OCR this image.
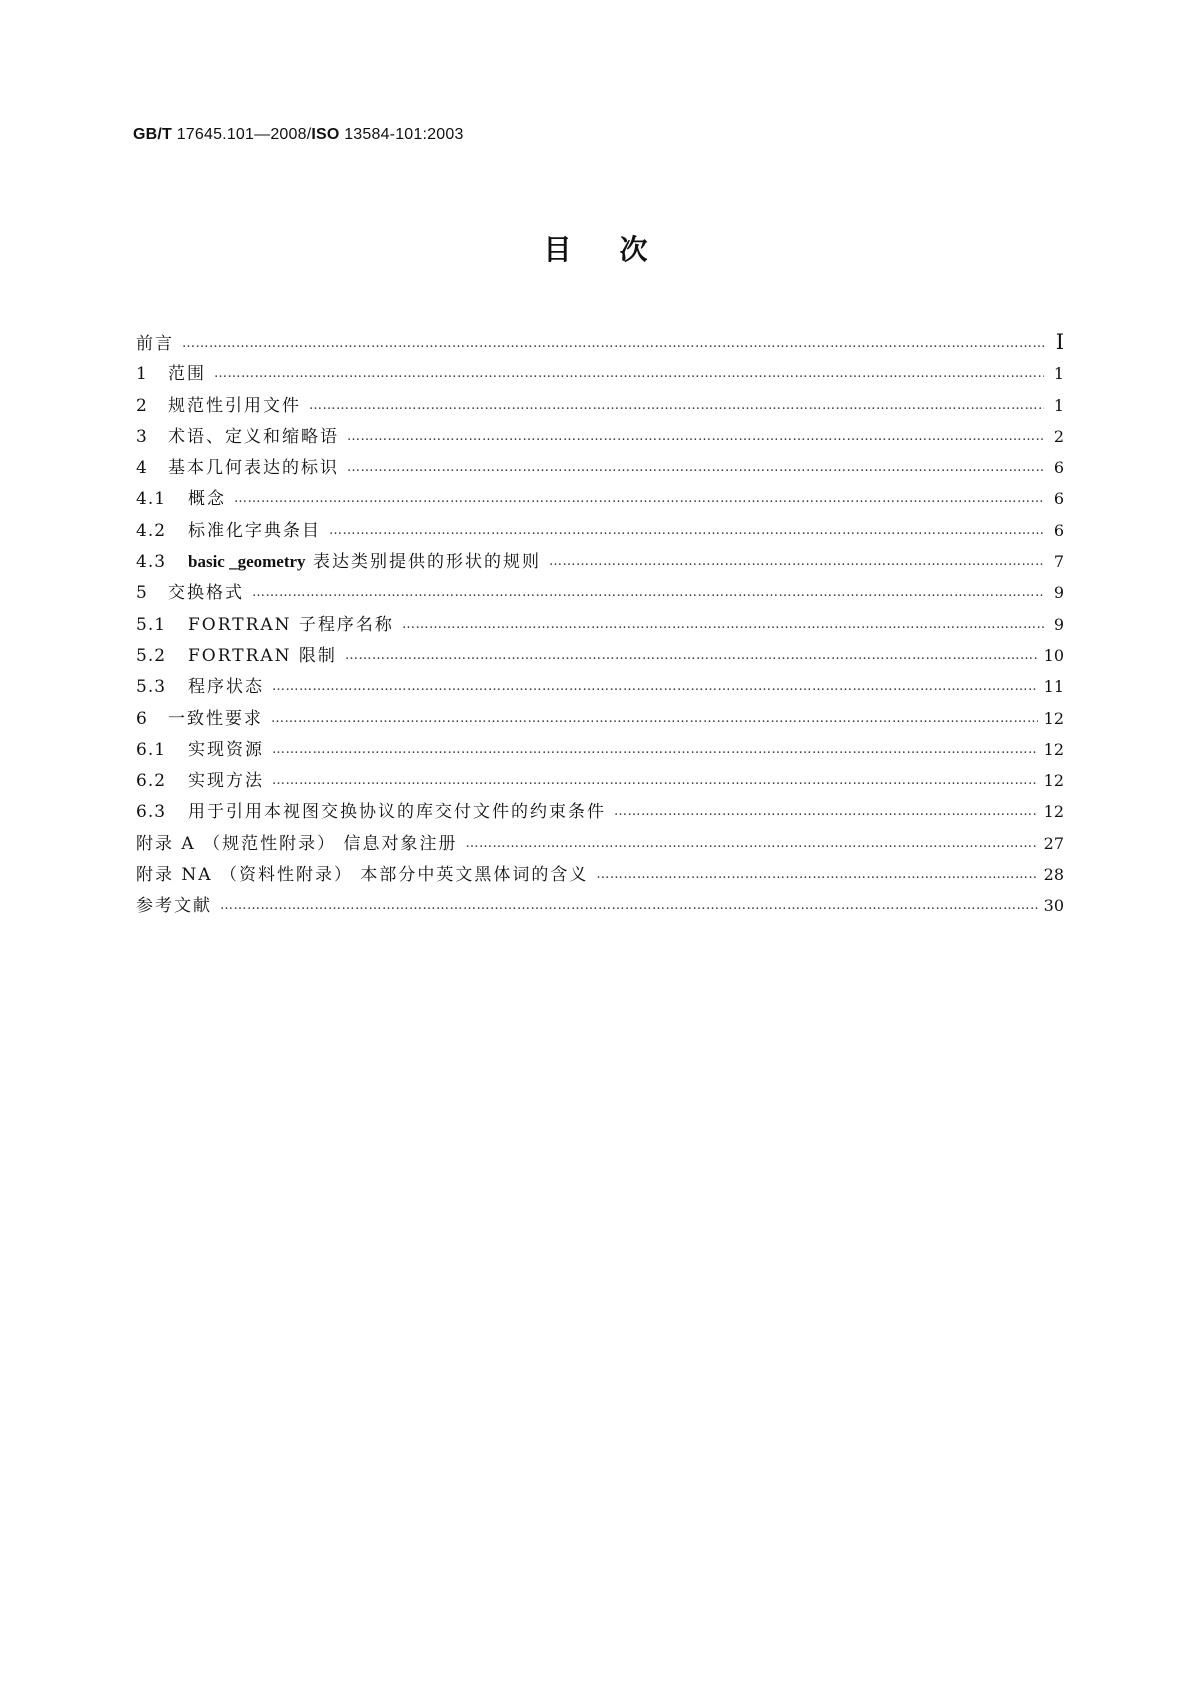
GB/T 17645.101—2008/ISO 13584-101:2003
目次
前言 …………………………………………………………………………………………………………………………………………………………………………………………………………………………	Ⅰ
1	范围 …………………………………………………………………………………………………………………………………………………………………………………………………………………………	1
2	规范性引用文件 …………………………………………………………………………………………………………………………………………………………………………………………………………………………	1
3	术语、定义和缩略语 …………………………………………………………………………………………………………………………………………………………………………………………………………………………	2
4	基本几何表达的标识 …………………………………………………………………………………………………………………………………………………………………………………………………………………………	6
4.1	概念 …………………………………………………………………………………………………………………………………………………………………………………………………………………………	6
4.2	标准化字典条目 …………………………………………………………………………………………………………………………………………………………………………………………………………………………	6
4.3	basic _geometry 表达类别提供的形状的规则 …………………………………………………………………………………………………………………………………………………………………………………………………………………………	7
5	交换格式 …………………………………………………………………………………………………………………………………………………………………………………………………………………………	9
5.1	FORTRAN 子程序名称 …………………………………………………………………………………………………………………………………………………………………………………………………………………………	9
5.2	FORTRAN 限制 …………………………………………………………………………………………………………………………………………………………………………………………………………………………	10
5.3	程序状态 …………………………………………………………………………………………………………………………………………………………………………………………………………………………	11
6	一致性要求 …………………………………………………………………………………………………………………………………………………………………………………………………………………………	12
6.1	实现资源 …………………………………………………………………………………………………………………………………………………………………………………………………………………………	12
6.2	实现方法 …………………………………………………………………………………………………………………………………………………………………………………………………………………………	12
6.3	用于引用本视图交换协议的库交付文件的约束条件 …………………………………………………………………………………………………………………………………………………………………………………………………………………………	12
附录 A （规范性附录） 信息对象注册 …………………………………………………………………………………………………………………………………………………………………………………………………………………………	27
附录 NA （资料性附录） 本部分中英文黑体词的含义 …………………………………………………………………………………………………………………………………………………………………………………………………………………………	28
参考文献 …………………………………………………………………………………………………………………………………………………………………………………………………………………………	30
